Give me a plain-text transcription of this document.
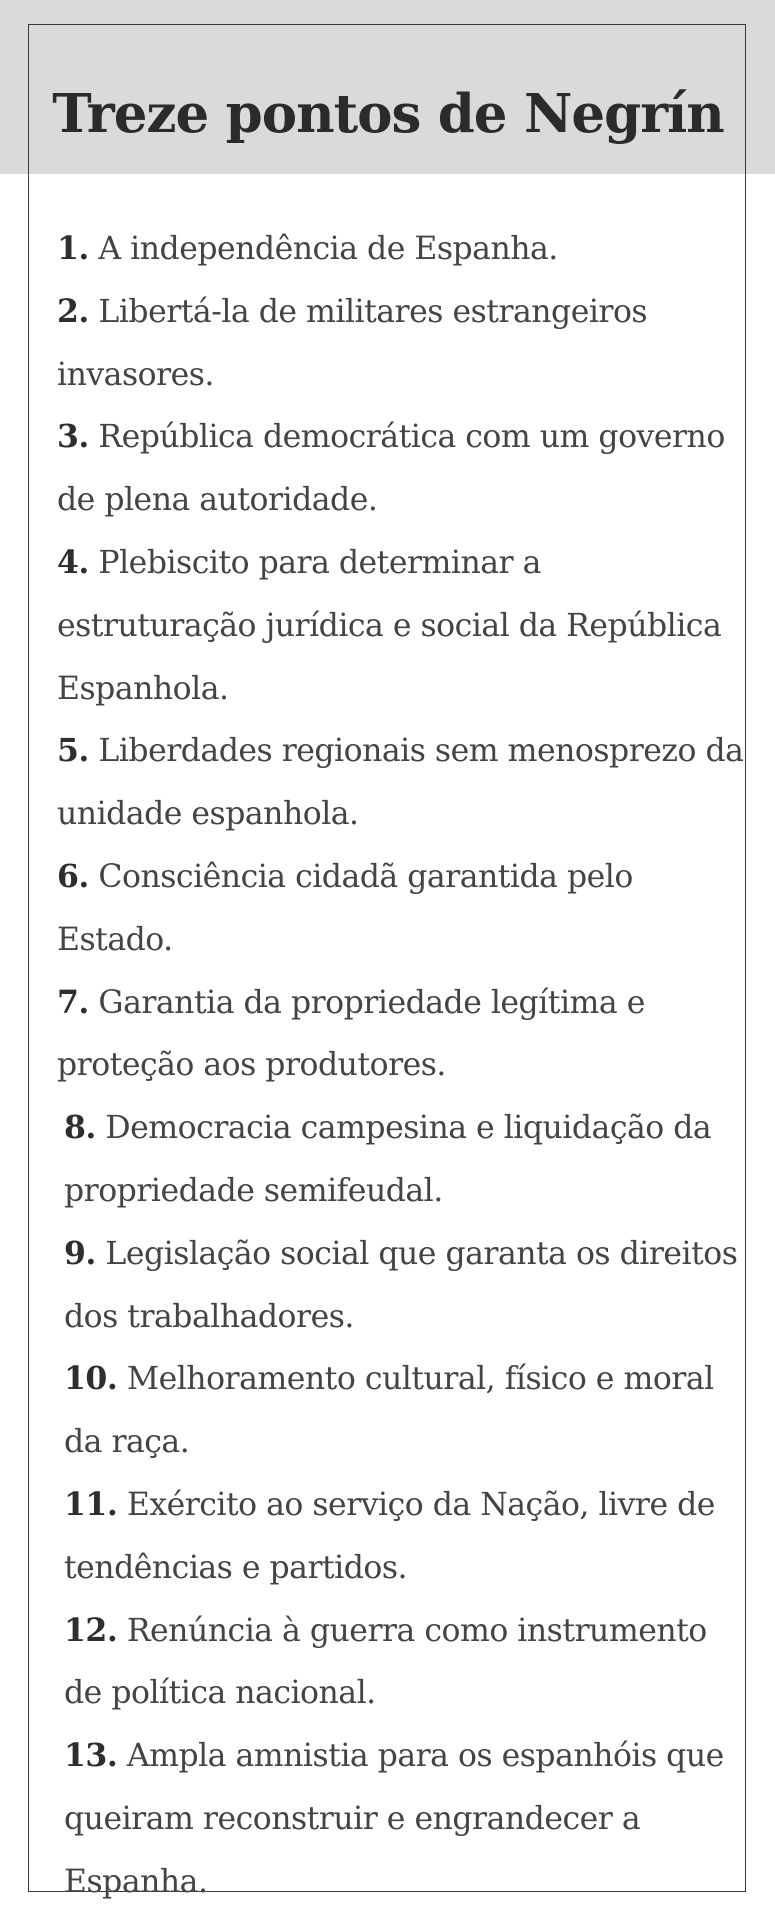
Treze pontos de Negrín
1. A independência de Espanha.
2. Libertá-la de militares estrangeiros invasores.
3. República democrática com um governo de plena autoridade.
4. Plebiscito para determinar a estruturação jurídica e social da República Espanhola.
5. Liberdades regionais sem menosprezo da unidade espanhola.
6. Consciência cidadã garantida pelo Estado.
7. Garantia da propriedade legítima e proteção aos produtores.
8. Democracia campesina e liquidação da propriedade semifeudal.
9. Legislação social que garanta os direitos dos trabalhadores.
10. Melhoramento cultural, físico e moral da raça.
11. Exército ao serviço da Nação, livre de tendências e partidos.
12. Renúncia à guerra como instrumento de política nacional.
13. Ampla amnistia para os espanhóis que queiram reconstruir e engrandecer a Espanha.
